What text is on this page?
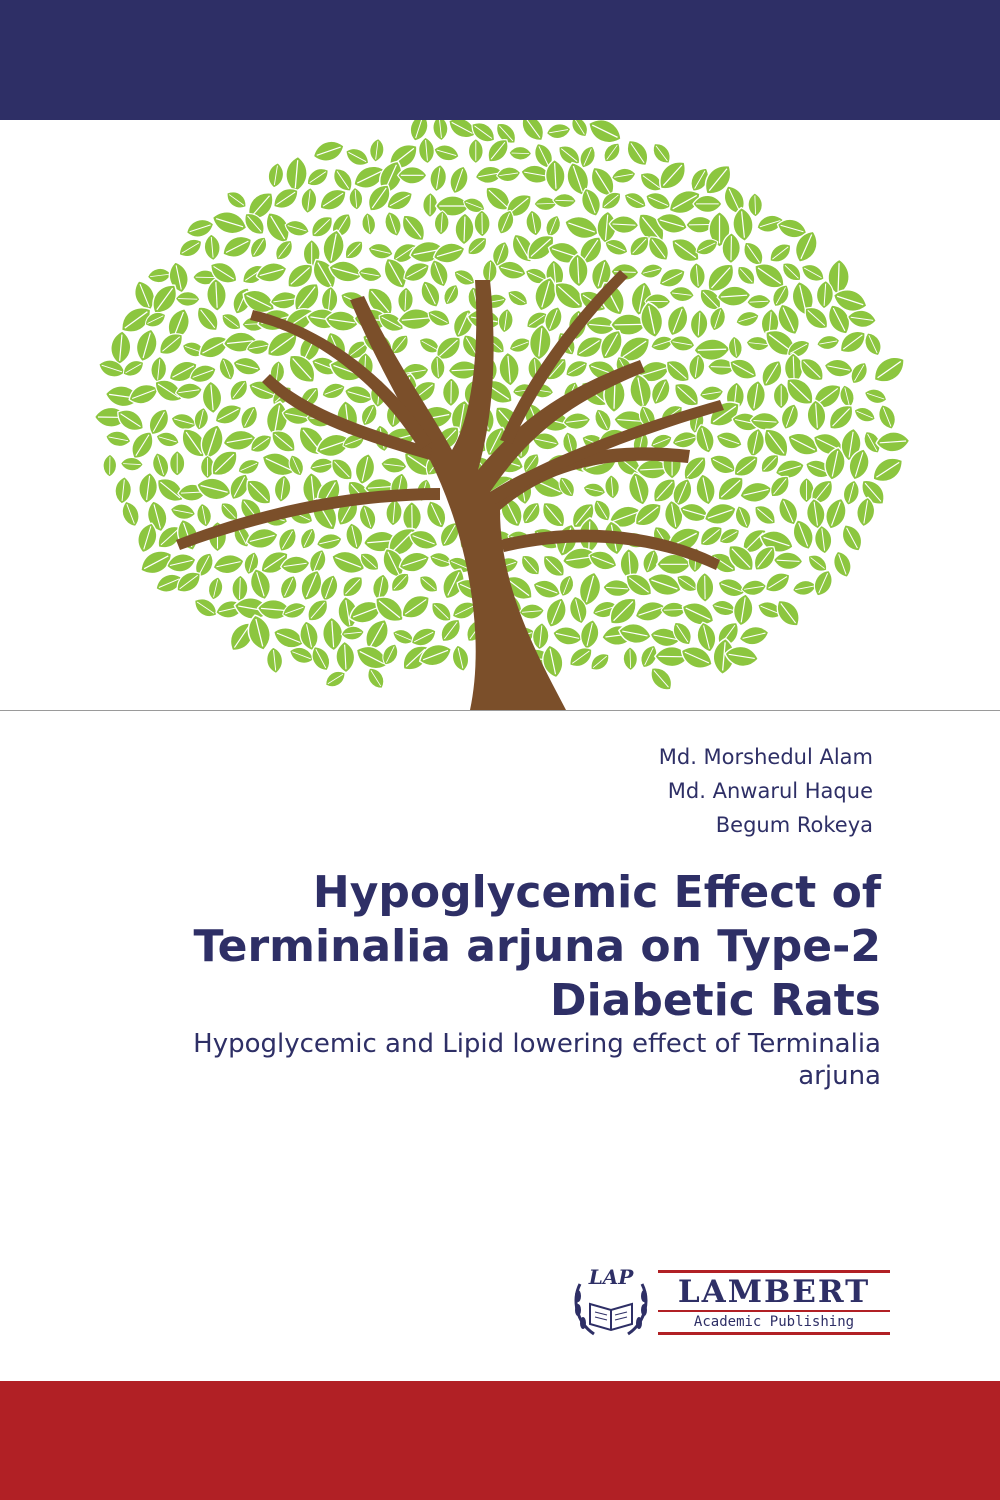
Md. Morshedul Alam
Md. Anwarul Haque
Begum Rokeya
Hypoglycemic Effect of Terminalia arjuna on Type-2 Diabetic Rats

Hypoglycemic and Lipid lowering effect of Terminalia arjuna

LAP	LAMBERT
Academic Publishing
